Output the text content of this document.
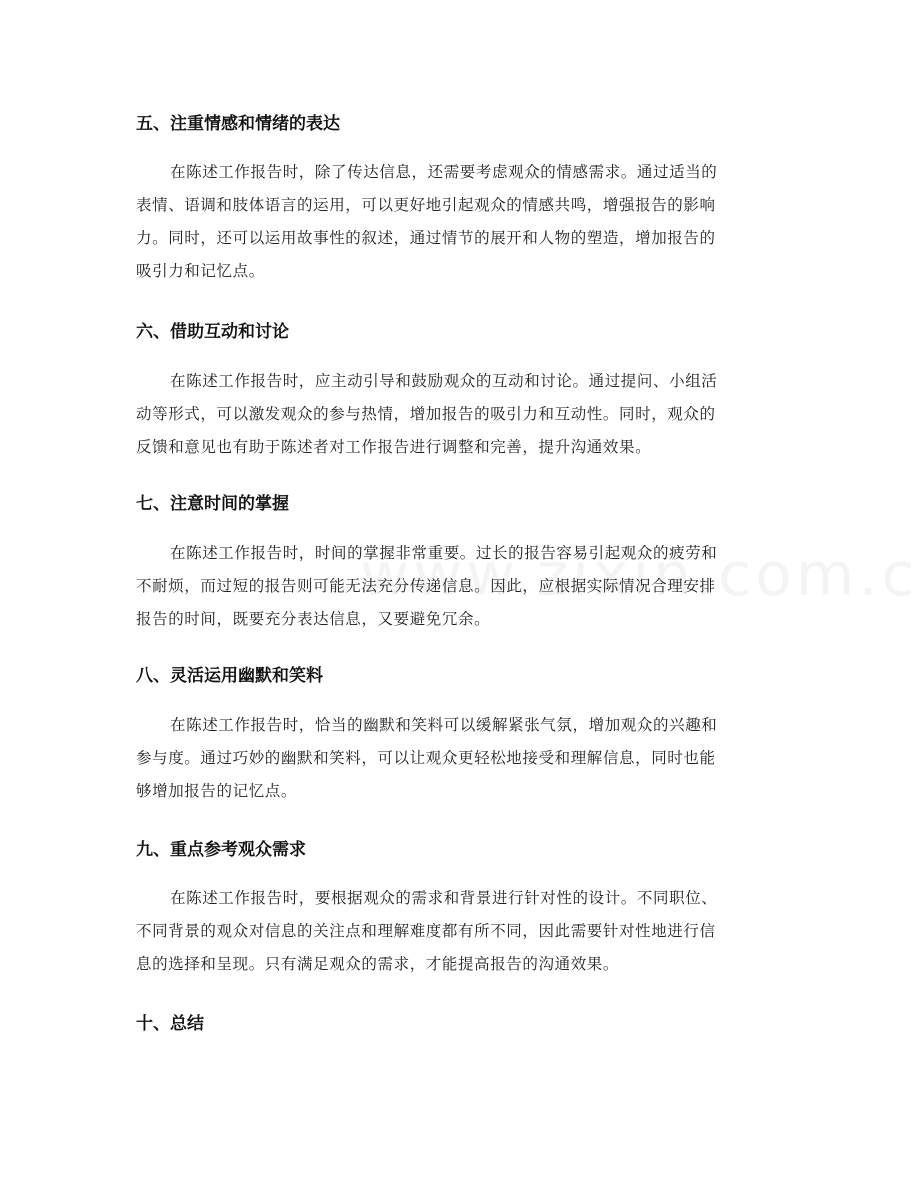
五、注重情感和情绪的表达
在陈述工作报告时，除了传达信息，还需要考虑观众的情感需求。通过适当的
表情、语调和肢体语言的运用，可以更好地引起观众的情感共鸣，增强报告的影响
力。同时，还可以运用故事性的叙述，通过情节的展开和人物的塑造，增加报告的
吸引力和记忆点。
六、借助互动和讨论
在陈述工作报告时，应主动引导和鼓励观众的互动和讨论。通过提问、小组活
动等形式，可以激发观众的参与热情，增加报告的吸引力和互动性。同时，观众的
反馈和意见也有助于陈述者对工作报告进行调整和完善，提升沟通效果。
七、注意时间的掌握
在陈述工作报告时，时间的掌握非常重要。过长的报告容易引起观众的疲劳和
不耐烦，而过短的报告则可能无法充分传递信息。因此，应根据实际情况合理安排
报告的时间，既要充分表达信息，又要避免冗余。
八、灵活运用幽默和笑料
在陈述工作报告时，恰当的幽默和笑料可以缓解紧张气氛，增加观众的兴趣和
参与度。通过巧妙的幽默和笑料，可以让观众更轻松地接受和理解信息，同时也能
够增加报告的记忆点。
九、重点参考观众需求
在陈述工作报告时，要根据观众的需求和背景进行针对性的设计。不同职位、
不同背景的观众对信息的关注点和理解难度都有所不同，因此需要针对性地进行信
息的选择和呈现。只有满足观众的需求，才能提高报告的沟通效果。
十、总结
